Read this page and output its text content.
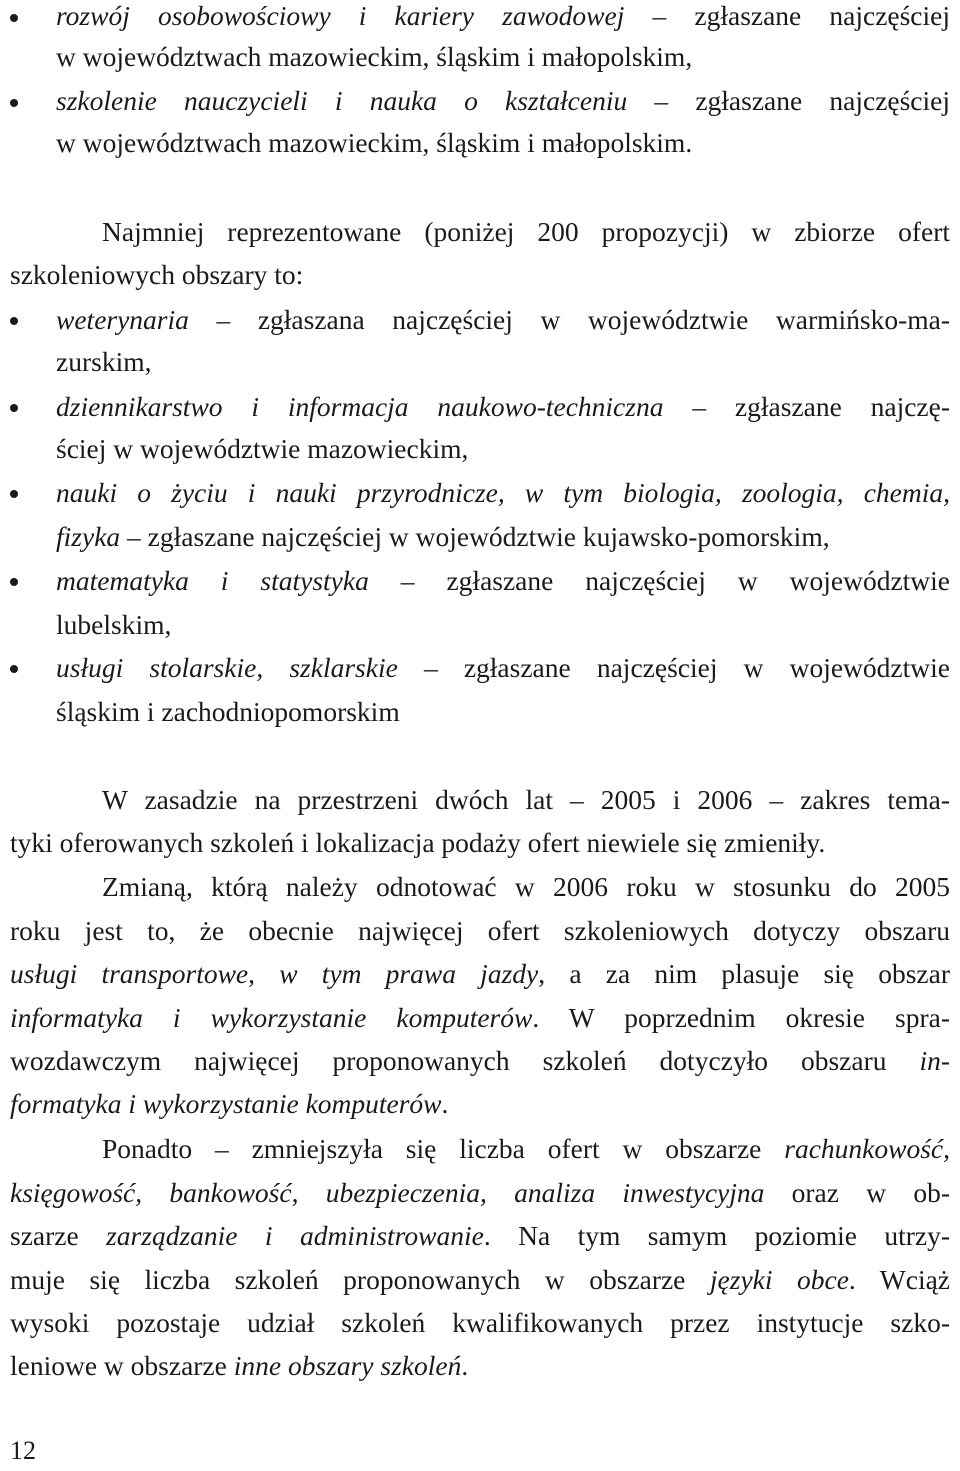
rozwój osobowościowy i kariery zawodowej – zgłaszane najczęściej
w województwach mazowieckim, śląskim i małopolskim,
szkolenie nauczycieli i nauka o kształceniu – zgłaszane najczęściej
w województwach mazowieckim, śląskim i małopolskim.
Najmniej reprezentowane (poniżej 200 propozycji) w zbiorze ofert
szkoleniowych obszary to:
weterynaria – zgłaszana najczęściej w województwie warmińsko-ma-
zurskim,
dziennikarstwo i informacja naukowo-techniczna – zgłaszane najczę-
ściej w województwie mazowieckim,
nauki o życiu i nauki przyrodnicze, w tym biologia, zoologia, chemia,
fizyka – zgłaszane najczęściej w województwie kujawsko-pomorskim,
matematyka i statystyka – zgłaszane najczęściej w województwie
lubelskim,
usługi stolarskie, szklarskie – zgłaszane najczęściej w województwie
śląskim i zachodniopomorskim
W zasadzie na przestrzeni dwóch lat – 2005 i 2006 – zakres tema-
tyki oferowanych szkoleń i lokalizacja podaży ofert niewiele się zmieniły.
Zmianą, którą należy odnotować w 2006 roku w stosunku do 2005
roku jest to, że obecnie najwięcej ofert szkoleniowych dotyczy obszaru
usługi transportowe, w tym prawa jazdy, a za nim plasuje się obszar
informatyka i wykorzystanie komputerów. W poprzednim okresie spra-
wozdawczym najwięcej proponowanych szkoleń dotyczyło obszaru in-
formatyka i wykorzystanie komputerów.
Ponadto – zmniejszyła się liczba ofert w obszarze rachunkowość,
księgowość, bankowość, ubezpieczenia, analiza inwestycyjna oraz w ob-
szarze zarządzanie i administrowanie. Na tym samym poziomie utrzy-
muje się liczba szkoleń proponowanych w obszarze języki obce. Wciąż
wysoki pozostaje udział szkoleń kwalifikowanych przez instytucje szko-
leniowe w obszarze inne obszary szkoleń.
12
